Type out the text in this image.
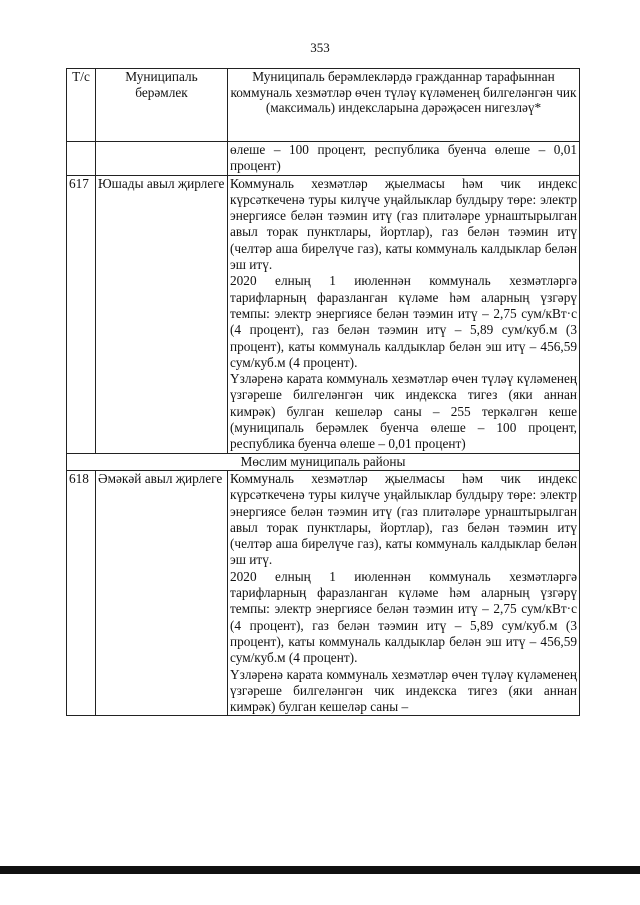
353
Т/с	Муниципаль берәмлек	Муниципаль берәмлекләрдә гражданнар тарафыннан коммуналь хезмәтләр өчен түләү күләменең билгеләнгән чик (максималь) индексларына дәрәҗәсен нигезләү*

		өлеше – 100 процент, республика буенча өлеше – 0,01 процент)

617	Юшады авыл җирлеге	Коммуналь хезмәтләр җыелмасы һәм чик индекс күрсәткеченә туры килүче уңайлыклар булдыру төре: электр энергиясе белән тәэмин итү (газ плитәләре урнаштырылган авыл торак пунктлары, йортлар), газ белән тәэмин итү (челтәр аша бирелүче газ), каты коммуналь калдыклар белән эш итү.

2020 елның 1 июленнән коммуналь хезмәтләргә тарифларның фаразланган күләме һәм аларның үзгәрү темпы: электр энергиясе белән тәэмин итү – 2,75 сум/кВт·с (4 процент), газ белән тәэмин итү – 5,89 сум/куб.м (3 процент), каты коммуналь калдыклар белән эш итү – 456,59 сум/куб.м (4 процент).

Үзләренә карата коммуналь хезмәтләр өчен түләү күләменең үзгәреше билгеләнгән чик индекска тигез (яки аннан кимрәк) булган кешеләр саны – 255 теркәлгән кеше (муниципаль берәмлек буенча өлеше – 100 процент, республика буенча өлеше – 0,01 процент)

Мөслим муниципаль районы		
618	Әмәкәй авыл җирлеге	Коммуналь хезмәтләр җыелмасы һәм чик индекс күрсәткеченә туры килүче уңайлыклар булдыру төре: электр энергиясе белән тәэмин итү (газ плитәләре урнаштырылган авыл торак пунктлары, йортлар), газ белән тәэмин итү (челтәр аша бирелүче газ), каты коммуналь калдыклар белән эш итү.

2020 елның 1 июленнән коммуналь хезмәтләргә тарифларның фаразланган күләме һәм аларның үзгәрү темпы: электр энергиясе белән тәэмин итү – 2,75 сум/кВт·с (4 процент), газ белән тәэмин итү – 5,89 сум/куб.м (3 процент), каты коммуналь калдыклар белән эш итү – 456,59 сум/куб.м (4 процент).

Үзләренә карата коммуналь хезмәтләр өчен түләү күләменең үзгәреше билгеләнгән чик индекска тигез (яки аннан кимрәк) булган кешеләр саны –
